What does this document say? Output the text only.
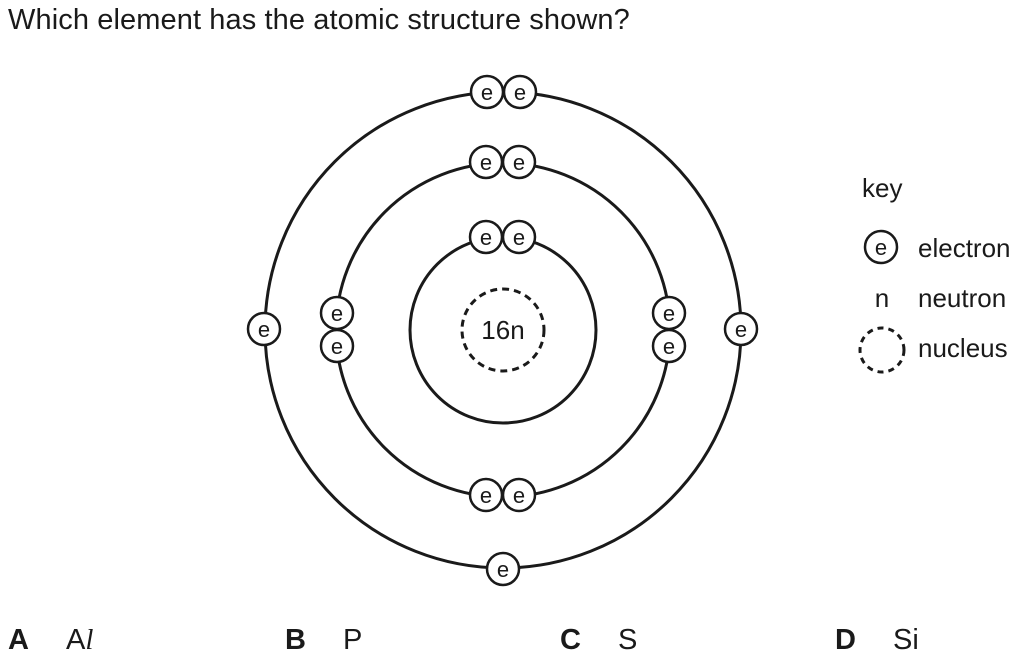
Which element has the atomic structure shown?
16n
e e
e e
e e
e
e
e
e
e e
e	e
e
key
e electron
n neutron
nucleus
A Al	B P	C S	D Si
